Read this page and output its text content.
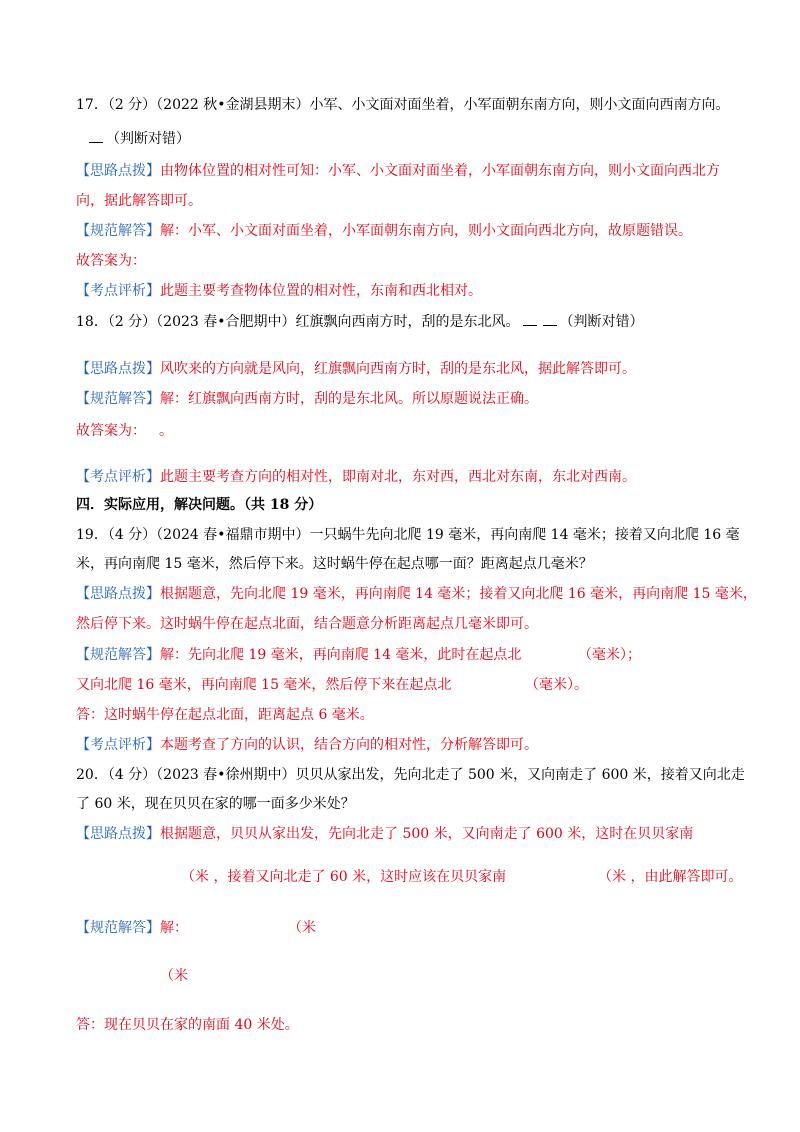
17．（2 分）（2022 秋•金湖县期末）小军、小文面对面坐着，小军面朝东南方向，则小文面向西南方向。
（判断对错）
【思路点拨】由物体位置的相对性可知：小军、小文面对面坐着，小军面朝东南方向，则小文面向西北方
向，据此解答即可。
【规范解答】解：小军、小文面对面坐着，小军面朝东南方向，则小文面向西北方向，故原题错误。
故答案为：
【考点评析】此题主要考查物体位置的相对性，东南和西北相对。
18．（2 分）（2023 春•合肥期中）红旗飘向西南方时，刮的是东北风。	（判断对错）
【思路点拨】风吹来的方向就是风向，红旗飘向西南方时，刮的是东北风，据此解答即可。
【规范解答】解：红旗飘向西南方时，刮的是东北风。所以原题说法正确。
故答案为： 。
【考点评析】此题主要考查方向的相对性，即南对北，东对西，西北对东南，东北对西南。
四．实际应用，解决问题。（共 18 分）
19．（4 分）（2024 春•福鼎市期中）一只蜗牛先向北爬 19 毫米，再向南爬 14 毫米；接着又向北爬 16 毫
米，再向南爬 15 毫米，然后停下来。这时蜗牛停在起点哪一面？距离起点几毫米？
【思路点拨】根据题意，先向北爬 19 毫米，再向南爬 14 毫米；接着又向北爬 16 毫米，再向南爬 15 毫米，
然后停下来。这时蜗牛停在起点北面，结合题意分析距离起点几毫米即可。
【规范解答】解：先向北爬 19 毫米，再向南爬 14 毫米，此时在起点北	（毫米）；
又向北爬 16 毫米，再向南爬 15 毫米，然后停下来在起点北	（毫米）。
答：这时蜗牛停在起点北面，距离起点 6 毫米。
【考点评析】本题考查了方向的认识，结合方向的相对性，分析解答即可。
20．（4 分）（2023 春•徐州期中）贝贝从家出发，先向北走了 500 米，又向南走了 600 米，接着又向北走
了 60 米，现在贝贝在家的哪一面多少米处？
【思路点拨】根据题意，贝贝从家出发，先向北走了 500 米，又向南走了 600 米，这时在贝贝家南
（米 ，接着又向北走了 60 米，这时应该在贝贝家南	（米 ，由此解答即可。
【规范解答】解：	（米
（米
答：现在贝贝在家的南面 40 米处。
